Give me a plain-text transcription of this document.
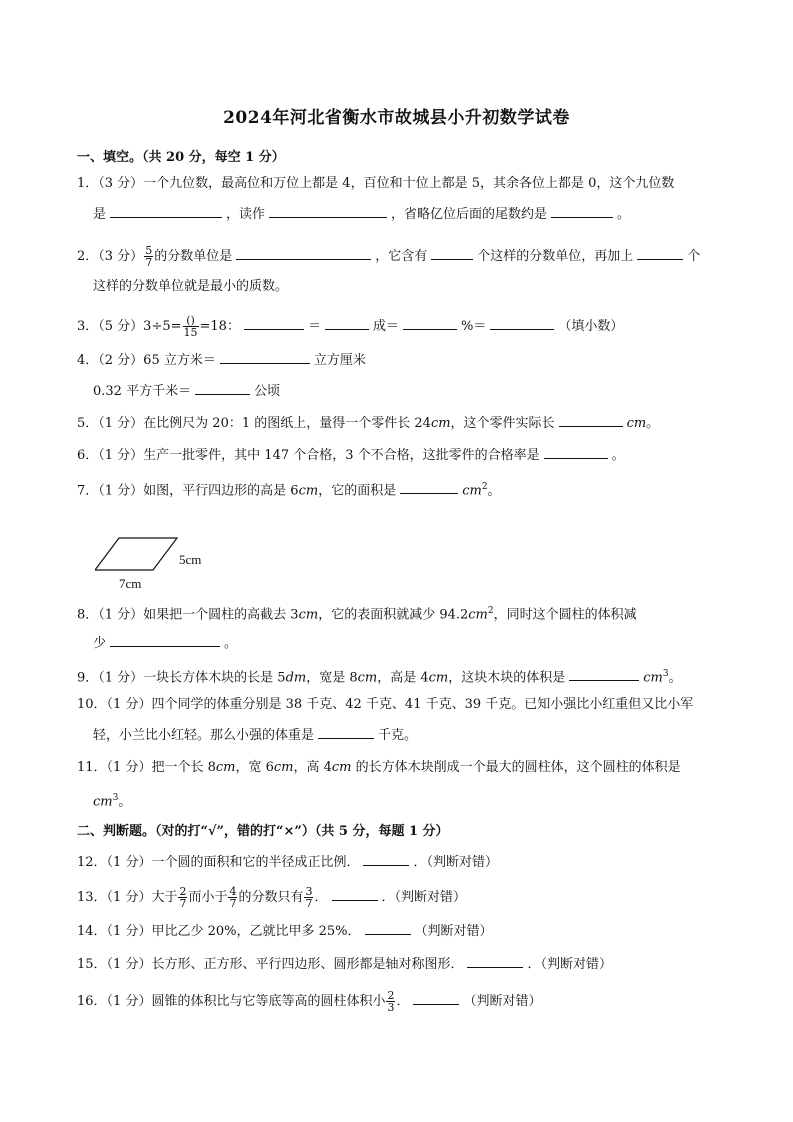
2024年河北省衡水市故城县小升初数学试卷
一、填空。（共 20 分，每空 1 分）
1．（3 分）一个九位数，最高位和万位上都是 4，百位和十位上都是 5，其余各位上都是 0，这个九位数
是	，读作	，省略亿位后面的尾数约是	。
2．（3 分） $\frac{5}{7}$ 的分数单位是	，它含有	个这样的分数单位，再加上	个
这样的分数单位就是最小的质数。
3．（5 分）$3\div 5= \frac{()}{15} =18$：	＝	成＝	%＝	（填小数）
4．（2 分）65 立方米＝	立方厘米
0.32 平方千米＝	公顷
5．（1 分）在比例尺为 20：1 的图纸上，量得一个零件长 24cm，这个零件实际长	cm。
6．（1 分）生产一批零件，其中 147 个合格，3 个不合格，这批零件的合格率是	。
7．（1 分）如图，平行四边形的高是 6cm，它的面积是	$cm^2$。
5cm
7cm
8．（1 分）如果把一个圆柱的高截去 3cm，它的表面积就减少 $94.2cm^2$，同时这个圆柱的体积减
少	。
9．（1 分）一块长方体木块的长是 5dm，宽是 8cm，高是 4cm，这块木块的体积是	$cm^3$。
10．（1 分）四个同学的体重分别是 38 千克、42 千克、41 千克、39 千克。已知小强比小红重但又比小军
轻，小兰比小红轻。那么小强的体重是	千克。
11．（1 分）把一个长 8cm，宽 6cm，高 4cm 的长方体木块削成一个最大的圆柱体，这个圆柱的体积是
$cm^3$。
二、判断题。（对的打“√”，错的打“×”）（共 5 分，每题 1 分）
12．（1 分）一个圆的面积和它的半径成正比例．	．（判断对错）
13．（1 分）大于 $\frac{2}{7}$ 而小于 $\frac{4}{7}$ 的分数只有 $\frac{3}{7}$ ．	．（判断对错）
14．（1 分）甲比乙少 20%，乙就比甲多 25%．	（判断对错）
15．（1 分）长方形、正方形、平行四边形、圆形都是轴对称图形．	．（判断对错）
16．（1 分）圆锥的体积比与它等底等高的圆柱体积小 $\frac{2}{3}$ ．	（判断对错）
